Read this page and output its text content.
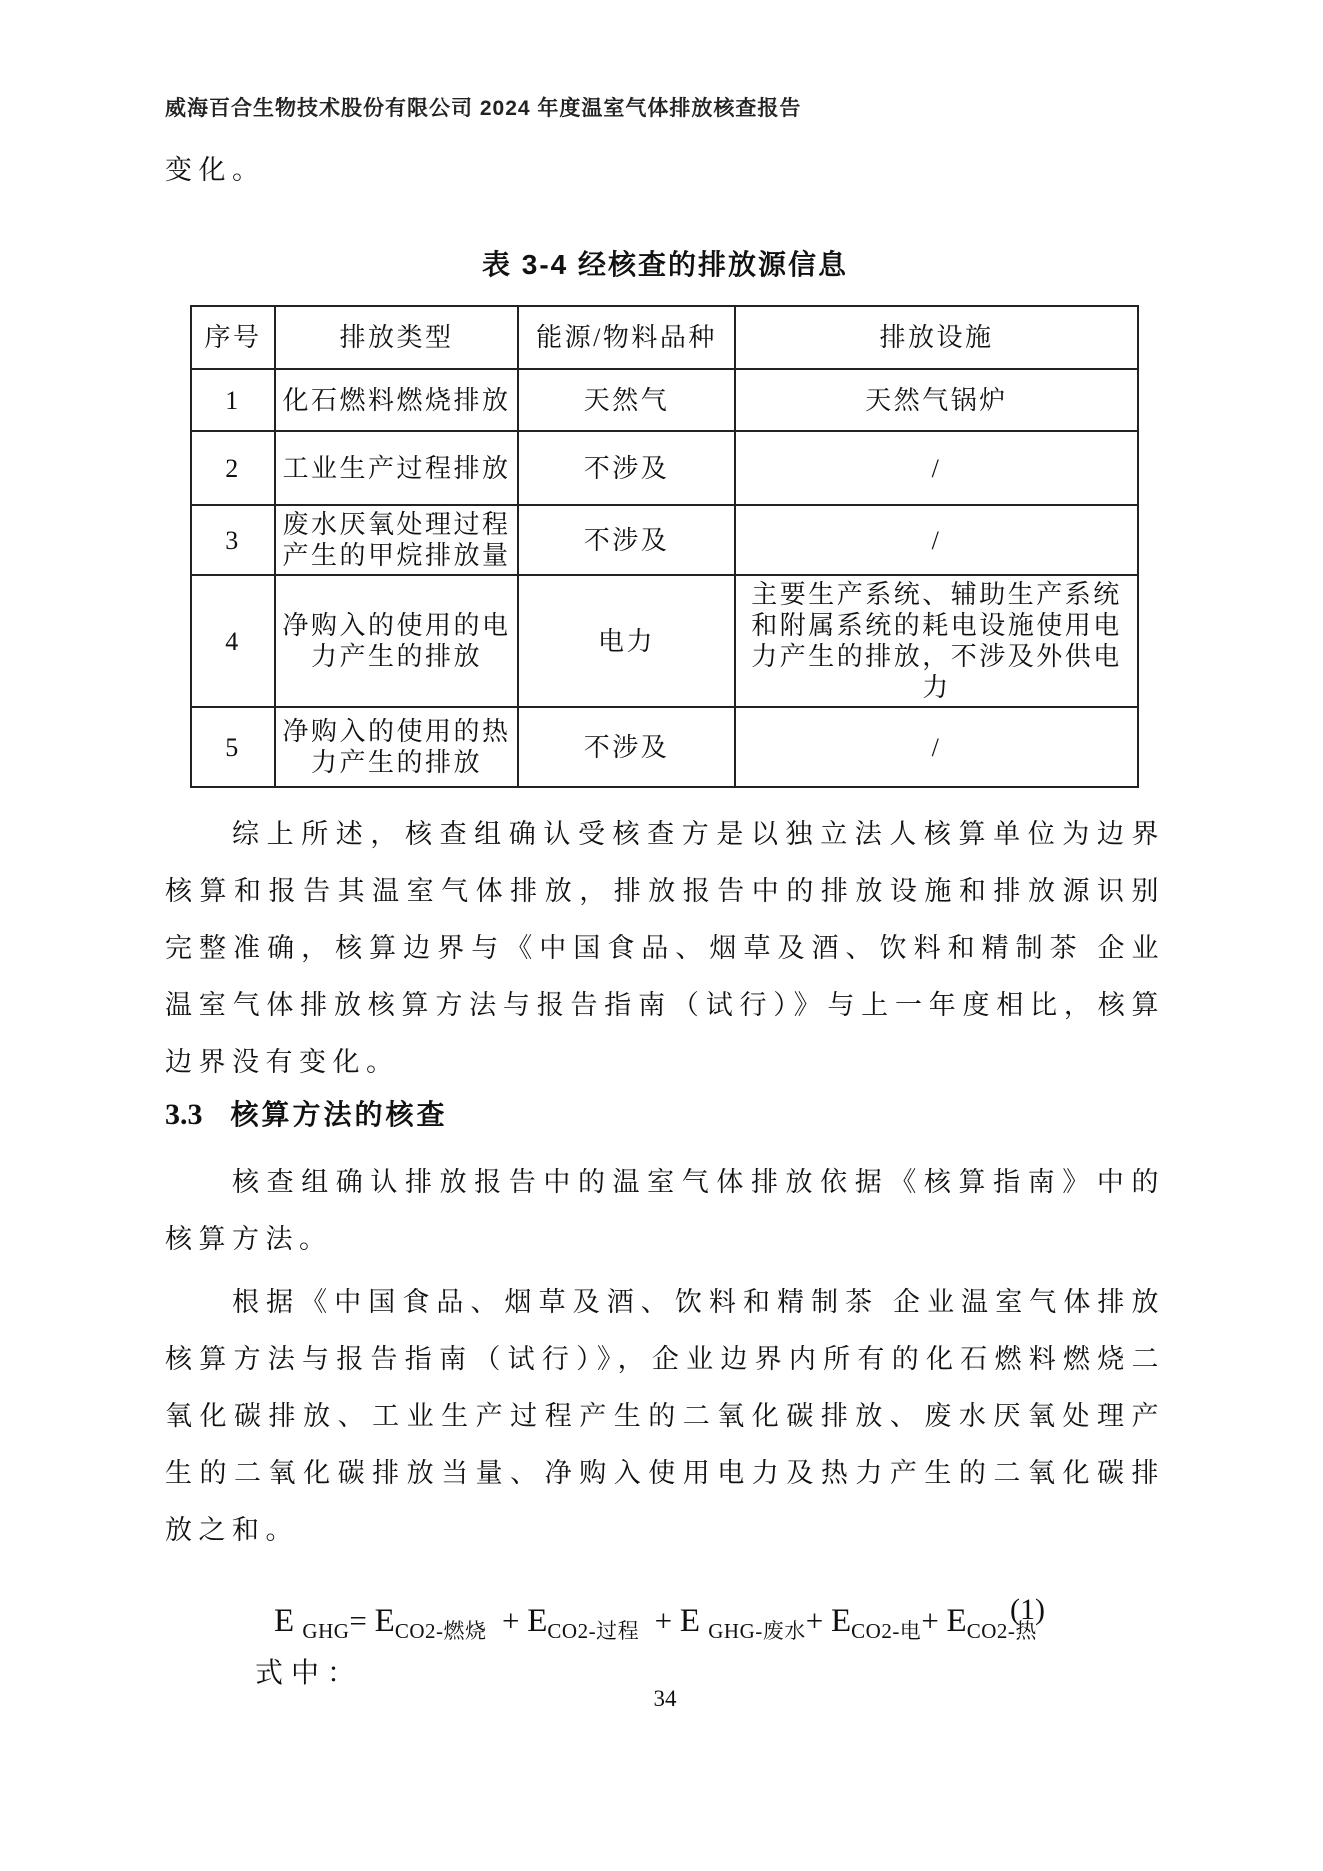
威海百合生物技术股份有限公司 2024 年度温室气体排放核查报告
变化。
表 3-4 经核查的排放源信息
序号	排放类型	能源/物料品种	排放设施
1	化石燃料燃烧排放	天然气	天然气锅炉
2	工业生产过程排放	不涉及	/
3	废水厌氧处理过程产生的甲烷排放量	不涉及	/
4	净购入的使用的电力产生的排放	电力	主要生产系统、辅助生产系统和附属系统的耗电设施使用电力产生的排放，不涉及外供电力
5	净购入的使用的热力产生的排放	不涉及	/
综上所述，核查组确认受核查方是以独立法人核算单位为边界核算和报告其温室气体排放，排放报告中的排放设施和排放源识别完整准确，核算边界与《中国食品、烟草及酒、饮料和精制茶 企业温室气体排放核算方法与报告指南（试行）》与上一年度相比，核算边界没有变化。
3.3 核算方法的核查
核查组确认排放报告中的温室气体排放依据《核算指南》中的核算方法。
根据《中国食品、烟草及酒、饮料和精制茶 企业温室气体排放核算方法与报告指南（试行）》，企业边界内所有的化石燃料燃烧二氧化碳排放、工业生产过程产生的二氧化碳排放、废水厌氧处理产生的二氧化碳排放当量、净购入使用电力及热力产生的二氧化碳排放之和。

E $_{GHG}= E_{CO2-燃烧} + E_{CO2-过程} + E$ $_{GHG-废水}+ E_{CO2-电}+ E_{CO2-热}$

(1)

式中：
34
